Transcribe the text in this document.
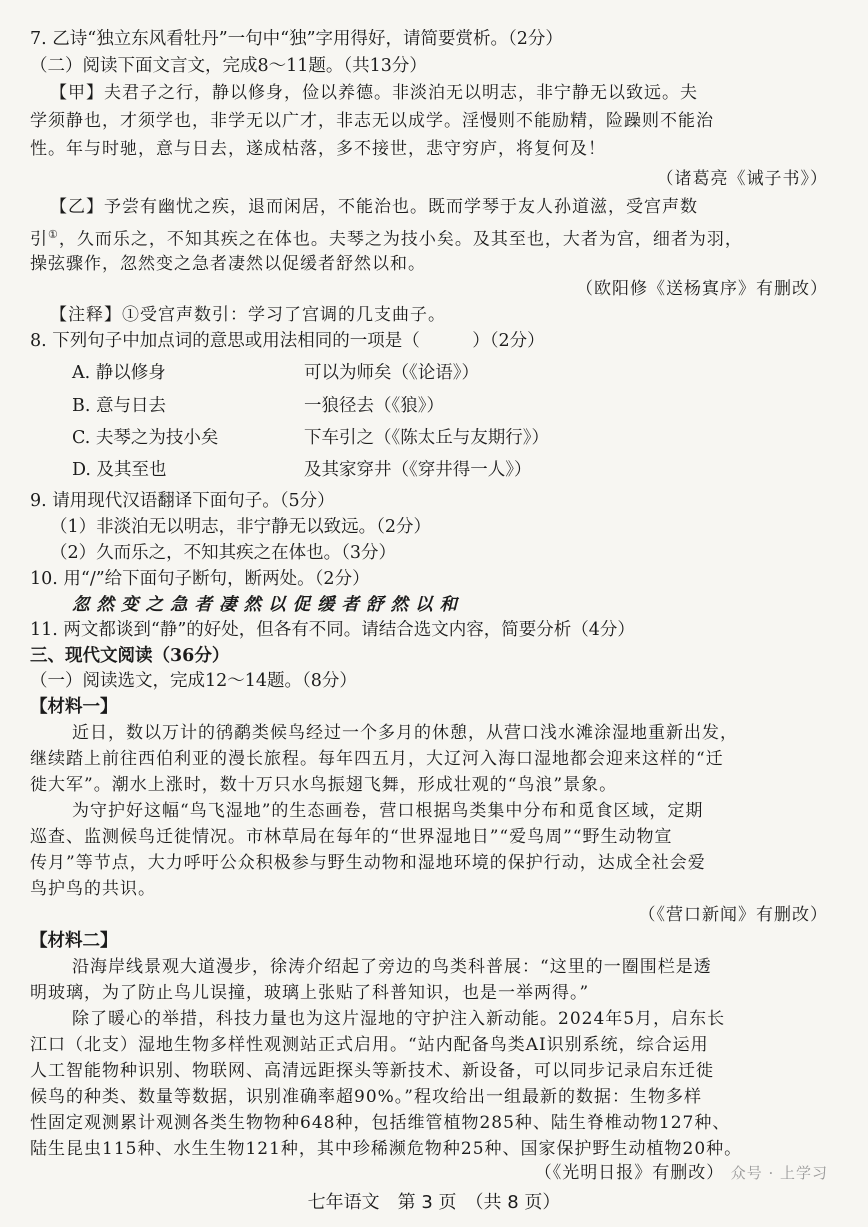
7. 乙诗“独立东风看牡丹”一句中“独”字用得好，请简要赏析。（2分）
（二）阅读下面文言文，完成8～11题。（共13分）
【甲】夫君子之行，静以修身，俭以养德。非淡泊无以明志，非宁静无以致远。夫
学须静也，才须学也，非学无以广才，非志无以成学。淫慢则不能励精，险躁则不能治
性。年与时驰，意与日去，遂成枯落，多不接世，悲守穷庐，将复何及！
（诸葛亮《诫子书》）
【乙】予尝有幽忧之疾，退而闲居，不能治也。既而学琴于友人孙道滋，受宫声数
引①，久而乐之，不知其疾之在体也。夫琴之为技小矣。及其至也，大者为宫，细者为羽，
操弦骤作，忽然变之急者凄然以促缓者舒然以和。
（欧阳修《送杨寘序》有删改）
【注释】①受宫声数引：学习了宫调的几支曲子。
8. 下列句子中加点词的意思或用法相同的一项是（　　　）（2分）
A. 静以修身	可以为师矣（《论语》）
B. 意与日去	一狼径去（《狼》）
C. 夫琴之为技小矣	下车引之（《陈太丘与友期行》）
D. 及其至也	及其家穿井（《穿井得一人》）
9. 请用现代汉语翻译下面句子。（5分）
（1）非淡泊无以明志，非宁静无以致远。（2分）
（2）久而乐之，不知其疾之在体也。（3分）
10. 用“/”给下面句子断句，断两处。（2分）
忽然变之急者凄然以促缓者舒然以和
11. 两文都谈到“静”的好处，但各有不同。请结合选文内容，简要分析（4分）
三、现代文阅读（36分）
（一）阅读选文，完成12～14题。（8分）
【材料一】
近日，数以万计的鸻鹬类候鸟经过一个多月的休憩，从营口浅水滩涂湿地重新出发，
继续踏上前往西伯利亚的漫长旅程。每年四五月，大辽河入海口湿地都会迎来这样的“迁
徙大军”。潮水上涨时，数十万只水鸟振翅飞舞，形成壮观的“鸟浪”景象。
为守护好这幅“鸟飞湿地”的生态画卷，营口根据鸟类集中分布和觅食区域，定期
巡查、监测候鸟迁徙情况。市林草局在每年的“世界湿地日”“爱鸟周”“野生动物宣
传月”等节点，大力呼吁公众积极参与野生动物和湿地环境的保护行动，达成全社会爱
鸟护鸟的共识。
（《营口新闻》有删改）
【材料二】
沿海岸线景观大道漫步，徐涛介绍起了旁边的鸟类科普展：“这里的一圈围栏是透
明玻璃，为了防止鸟儿误撞，玻璃上张贴了科普知识，也是一举两得。”
除了暖心的举措，科技力量也为这片湿地的守护注入新动能。2024年5月，启东长
江口（北支）湿地生物多样性观测站正式启用。“站内配备鸟类AI识别系统，综合运用
人工智能物种识别、物联网、高清远距探头等新技术、新设备，可以同步记录启东迁徙
候鸟的种类、数量等数据，识别准确率超90%。”程攻给出一组最新的数据：生物多样
性固定观测累计观测各类生物物种648种，包括维管植物285种、陆生脊椎动物127种、
陆生昆虫115种、水生生物121种，其中珍稀濒危物种25种、国家保护野生动植物20种。
（《光明日报》有删改） 众号 · 上学习
七年语文　第 3 页　（共 8 页）
